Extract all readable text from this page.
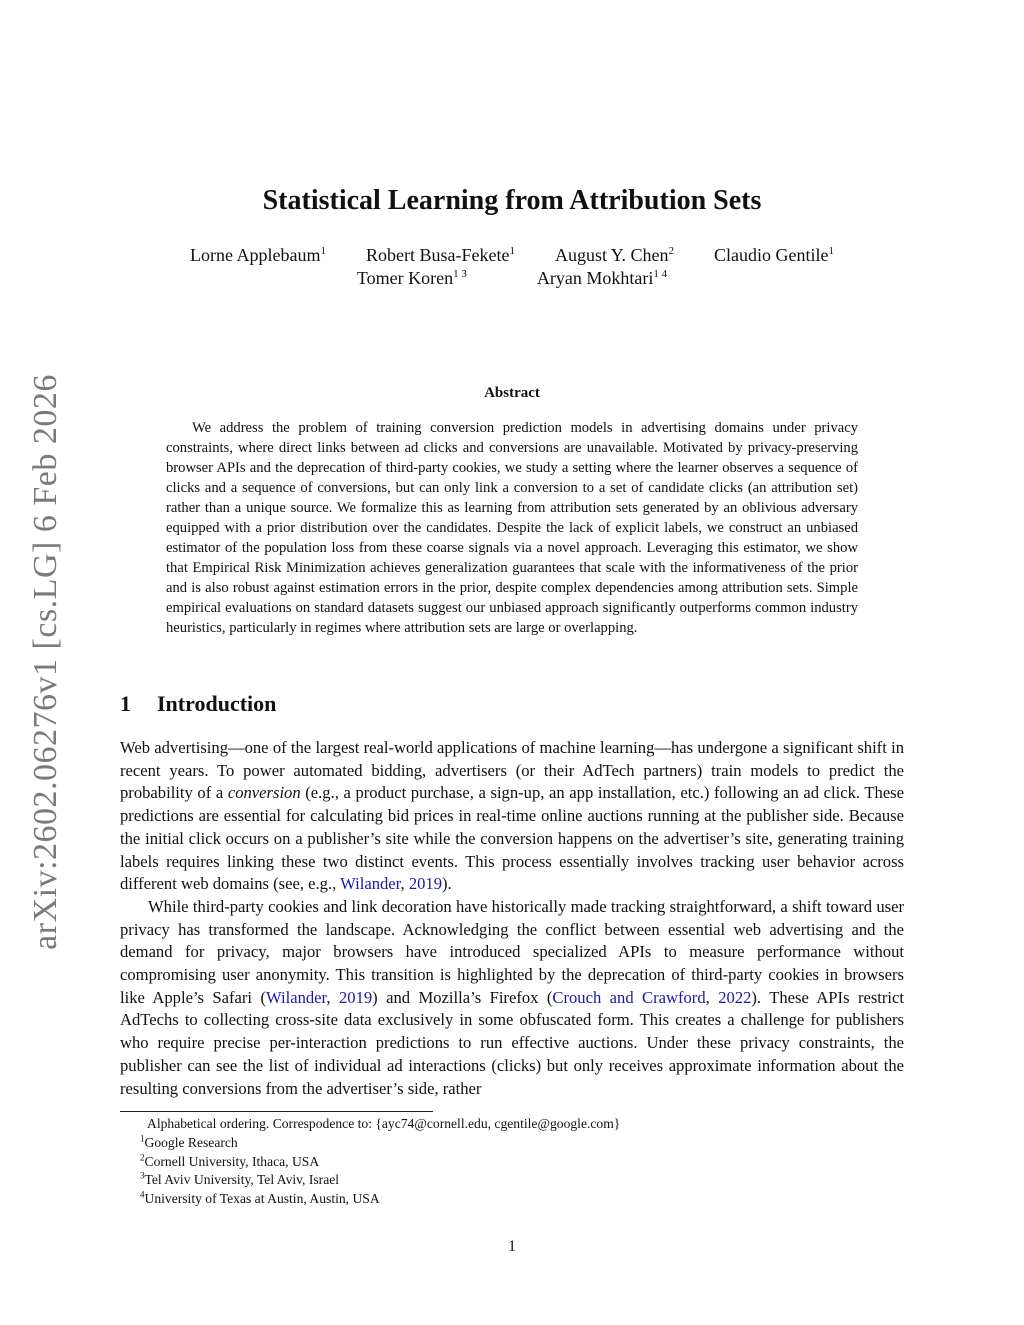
arXiv:2602.06276v1 [cs.LG] 6 Feb 2026
Statistical Learning from Attribution Sets
Lorne Applebaum$^1$ Robert Busa-Fekete$^1$ August Y. Chen$^2$ Claudio Gentile$^1$
Tomer Koren$^{1 3}$	Aryan Mokhtari$^{1 4}$
Abstract
We address the problem of training conversion prediction models in advertising domains under privacy constraints, where direct links between ad clicks and conversions are unavailable. Motivated by privacy-preserving browser APIs and the deprecation of third-party cookies, we study a setting where the learner observes a sequence of clicks and a sequence of conversions, but can only link a conversion to a set of candidate clicks (an attribution set) rather than a unique source. We formalize this as learning from attribution sets generated by an oblivious adversary equipped with a prior distribution over the candidates. Despite the lack of explicit labels, we construct an unbiased estimator of the population loss from these coarse signals via a novel approach. Leveraging this estimator, we show that Empirical Risk Minimization achieves generalization guarantees that scale with the informativeness of the prior and is also robust against estimation errors in the prior, despite complex dependencies among attribution sets. Simple empirical evaluations on standard datasets suggest our unbiased approach significantly outperforms common industry heuristics, particularly in regimes where attribution sets are large or overlapping.
1 Introduction

Web advertising—one of the largest real-world applications of machine learning—has undergone a significant shift in recent years. To power automated bidding, advertisers (or their AdTech partners) train models to predict the probability of a conversion (e.g., a product purchase, a sign-up, an app installation, etc.) following an ad click. These predictions are essential for calculating bid prices in real-time online auctions running at the publisher side. Because the initial click occurs on a publisher’s site while the conversion happens on the advertiser’s site, generating training labels requires linking these two distinct events. This process essentially involves tracking user behavior across different web domains (see, e.g., Wilander, 2019).

While third-party cookies and link decoration have historically made tracking straightforward, a shift toward user privacy has transformed the landscape. Acknowledging the conflict between essential web advertising and the demand for privacy, major browsers have introduced specialized APIs to measure performance without compromising user anonymity. This transition is highlighted by the deprecation of third-party cookies in browsers like Apple’s Safari (Wilander, 2019) and Mozilla’s Firefox (Crouch and Crawford, 2022). These APIs restrict AdTechs to collecting cross-site data exclusively in some obfuscated form. This creates a challenge for publishers who require precise per-interaction predictions to run effective auctions. Under these privacy constraints, the publisher can see the list of individual ad interactions (clicks) but only receives approximate information about the resulting conversions from the advertiser’s side, rather

Alphabetical ordering. Correspodence to: {ayc74@cornell.edu, cgentile@google.com}
$^1$Google Research
$^2$Cornell University, Ithaca, USA
$^3$Tel Aviv University, Tel Aviv, Israel
$^4$University of Texas at Austin, Austin, USA
1
